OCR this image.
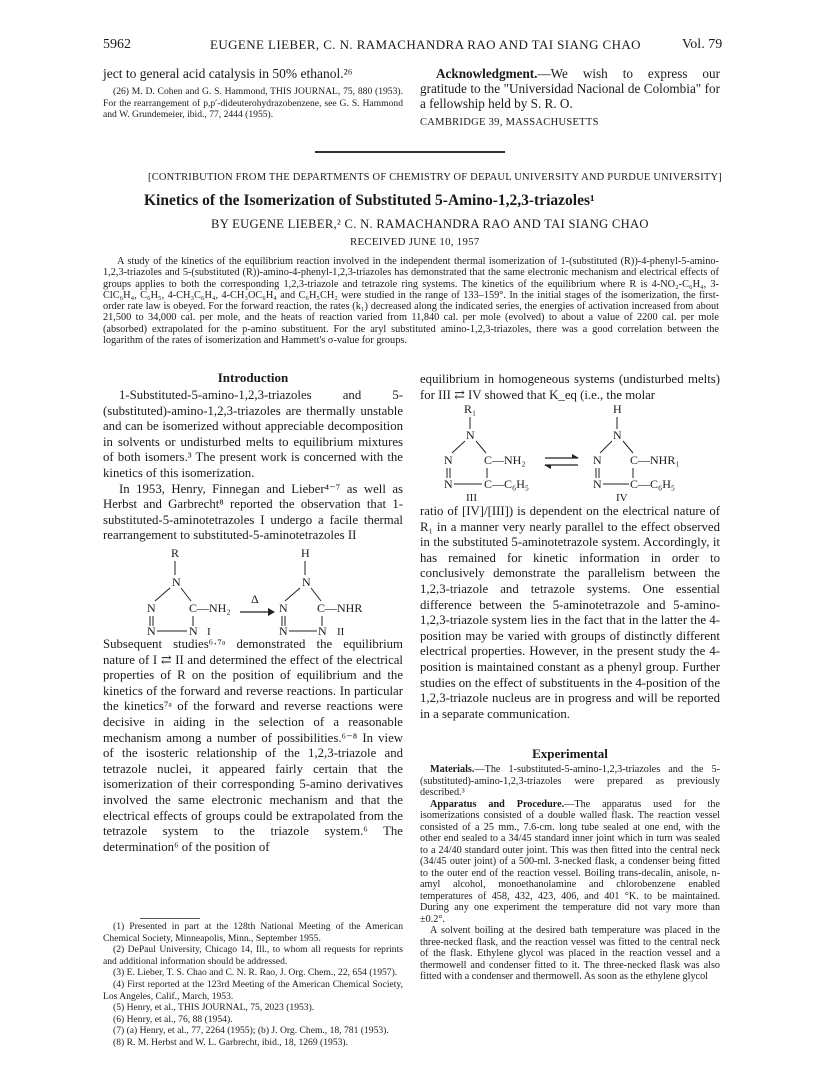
5962	EUGENE LIEBER, C. N. RAMACHANDRA RAO AND TAI SIANG CHAO	Vol. 79
ject to general acid catalysis in 50% ethanol.²⁶

(26) M. D. Cohen and G. S. Hammond, THIS JOURNAL, 75, 880 (1953). For the rearrangement of p,p′-dideuterohydrazobenzene, see G. S. Hammond and W. Grundemeier, ibid., 77, 2444 (1955).

Acknowledgment.—We wish to express our gratitude to the "Universidad Nacional de Colombia" for a fellowship held by S. R. O.

CAMBRIDGE 39, MASSACHUSETTS
[CONTRIBUTION FROM THE DEPARTMENTS OF CHEMISTRY OF DEPAUL UNIVERSITY AND PURDUE UNIVERSITY]
Kinetics of the Isomerization of Substituted 5-Amino-1,2,3-triazoles¹
BY EUGENE LIEBER,² C. N. RAMACHANDRA RAO AND TAI SIANG CHAO
RECEIVED JUNE 10, 1957
A study of the kinetics of the equilibrium reaction involved in the independent thermal isomerization of 1-(substituted (R))-4-phenyl-5-amino-1,2,3-triazoles and 5-(substituted (R))-amino-4-phenyl-1,2,3-triazoles has demonstrated that the same electronic mechanism and electrical effects of groups applies to both the corresponding 1,2,3-triazole and tetrazole ring systems. The kinetics of the equilibrium where R is 4-NO₂-C₆H₄, 3-ClC₆H₄, C₆H₅, 4-CH₃C₆H₄, 4-CH₃OC₆H₄ and C₆H₅CH₂ were studied in the range of 133–159°. In the initial stages of the isomerization, the first-order rate law is obeyed. For the forward reaction, the rates (k₁) decreased along the indicated series, the energies of activation increased from about 21,500 to 34,000 cal. per mole, and the heats of reaction varied from 11,840 cal. per mole (evolved) to about a value of 2200 cal. per mole (absorbed) extrapolated for the p-amino substituent. For the aryl substituted amino-1,2,3-triazoles, there was a good correlation between the logarithm of the rates of isomerization and Hammett's σ-value for groups.
Introduction

1-Substituted-5-amino-1,2,3-triazoles and 5-(substituted)-amino-1,2,3-triazoles are thermally unstable and can be isomerized without appreciable decomposition in solvents or undisturbed melts to equilibrium mixtures of both isomers.³ The present work is concerned with the kinetics of this isomerization.

In 1953, Henry, Finnegan and Lieber⁴⁻⁷ as well as Herbst and Garbrecht⁸ reported the observation that 1-substituted-5-aminotetrazoles I undergo a facile thermal rearrangement to substituted-5-aminotetrazoles II

R
N
N	C—NH₂
N	N I
Δ
H
N
N C—NHR
N	N II

Subsequent studies⁶·⁷ᵃ demonstrated the equilibrium nature of I ⇄ II and determined the effect of the electrical properties of R on the position of equilibrium and the kinetics of the forward and reverse reactions. In particular the kinetics⁷ᵃ of the forward and reverse reactions were decisive in aiding in the selection of a reasonable mechanism among a number of possibilities.⁶⁻⁸ In view of the isosteric relationship of the 1,2,3-triazole and tetrazole nuclei, it appeared fairly certain that the isomerization of their corresponding 5-amino derivatives involved the same electronic mechanism and that the electrical effects of groups could be extrapolated from the tetrazole system to the triazole system.⁶ The determination⁶ of the position of

(1) Presented in part at the 128th National Meeting of the American Chemical Society, Minneapolis, Minn., September 1955.

(2) DePaul University, Chicago 14, Ill., to whom all requests for reprints and additional information should be addressed.

(3) E. Lieber, T. S. Chao and C. N. R. Rao, J. Org. Chem., 22, 654 (1957).

(4) First reported at the 123rd Meeting of the American Chemical Society, Los Angeles, Calif., March, 1953.

(5) Henry, et al., THIS JOURNAL, 75, 2023 (1953).

(6) Henry, et al., 76, 88 (1954).

(7) (a) Henry, et al., 77, 2264 (1955); (b) J. Org. Chem., 18, 781 (1953).

(8) R. M. Herbst and W. L. Garbrecht, ibid., 18, 1269 (1953).

equilibrium in homogeneous systems (undisturbed melts) for III ⇄ IV showed that K_eq (i.e., the molar

R₁
N
N	C—NH₂
N	C—C₆H₅
III
H
N
N C—NHR₁
N C—C₆H₅
IV

ratio of [IV]/[III]) is dependent on the electrical nature of R₁ in a manner very nearly parallel to the effect observed in the substituted 5-aminotetrazole system. Accordingly, it has remained for kinetic information in order to conclusively demonstrate the parallelism between the 1,2,3-triazole and tetrazole systems. One essential difference between the 5-aminotetrazole and 5-amino-1,2,3-triazole system lies in the fact that in the latter the 4-position may be varied with groups of distinctly different electrical properties. However, in the present study the 4-position is maintained constant as a phenyl group. Further studies on the effect of substituents in the 4-position of the 1,2,3-triazole nucleus are in progress and will be reported in a separate communication.

Experimental

Materials.—The 1-substituted-5-amino-1,2,3-triazoles and the 5-(substituted)-amino-1,2,3-triazoles were prepared as previously described.³

Apparatus and Procedure.—The apparatus used for the isomerizations consisted of a double walled flask. The reaction vessel consisted of a 25 mm., 7.6-cm. long tube sealed at one end, with the other end sealed to a 34/45 standard inner joint which in turn was sealed to a 24/40 standard outer joint. This was then fitted into the central neck (34/45 outer joint) of a 500-ml. 3-necked flask, a condenser being fitted to the outer end of the reaction vessel. Boiling trans-decalin, anisole, n-amyl alcohol, monoethanolamine and chlorobenzene enabled temperatures of 458, 432, 423, 406, and 401 °K. to be maintained. During any one experiment the temperature did not vary more than ±0.2°.

A solvent boiling at the desired bath temperature was placed in the three-necked flask, and the reaction vessel was fitted to the central neck of the flask. Ethylene glycol was placed in the reaction vessel and a thermowell and condenser fitted to it. The three-necked flask was also fitted with a condenser and thermowell. As soon as the ethylene glycol
